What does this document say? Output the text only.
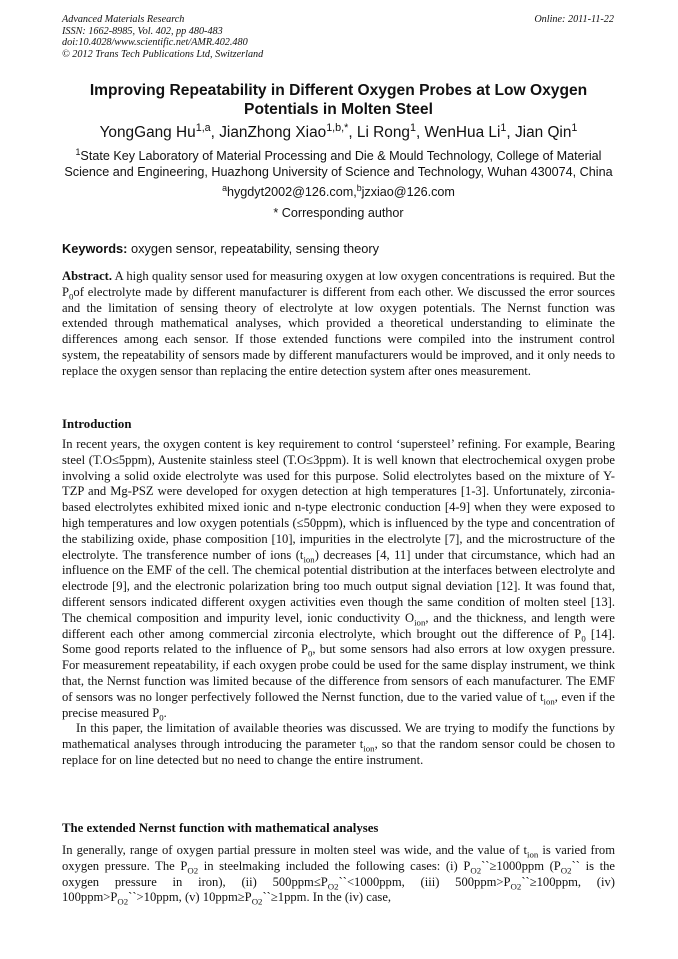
Advanced Materials Research
ISSN: 1662-8985, Vol. 402, pp 480-483
doi:10.4028/www.scientific.net/AMR.402.480
© 2012 Trans Tech Publications Ltd, Switzerland
Online: 2011-11-22
Improving Repeatability in Different Oxygen Probes at Low Oxygen Potentials in Molten Steel
YongGang Hu$^{1,a}$, JianZhong Xiao$^{1,b,*}$, Li Rong$^1$, WenHua Li$^1$, Jian Qin$^1$
$^1$State Key Laboratory of Material Processing and Die & Mould Technology, College of Material Science and Engineering, Huazhong University of Science and Technology, Wuhan 430074, China
$^a$hygdyt2002@126.com,$^b$jzxiao@126.com
* Corresponding author
Keywords: oxygen sensor, repeatability, sensing theory
Abstract. A high quality sensor used for measuring oxygen at low oxygen concentrations is required. But the $P_0of$ electrolyte made by different manufacturer is different from each other. We discussed the error sources and the limitation of sensing theory of electrolyte at low oxygen potentials. The Nernst function was extended through mathematical analyses, which provided a theoretical understanding to eliminate the differences among each sensor. If those extended functions were compiled into the instrument control system, the repeatability of sensors made by different manufacturers would be improved, and it only needs to replace the oxygen sensor than replacing the entire detection system after ones measurement.
Introduction

In recent years, the oxygen content is key requirement to control ‘supersteel’ refining. For example, Bearing steel (T.O≤5ppm), Austenite stainless steel (T.O≤3ppm). It is well known that electrochemical oxygen probe involving a solid oxide electrolyte was used for this purpose. Solid electrolytes based on the mixture of Y-TZP and Mg-PSZ were developed for oxygen detection at high temperatures [1-3]. Unfortunately, zirconia-based electrolytes exhibited mixed ionic and n-type electronic conduction [4-9] when they were exposed to high temperatures and low oxygen potentials (≤50ppm), which is influenced by the type and concentration of the stabilizing oxide, phase composition [10], impurities in the electrolyte [7], and the microstructure of the electrolyte. The transference number of ions $(t_{ion})$ decreases [4, 11] under that circumstance, which had an influence on the EMF of the cell. The chemical potential distribution at the interfaces between electrolyte and electrode [9], and the electronic polarization bring too much output signal deviation [12]. It was found that, different sensors indicated different oxygen activities even though the same condition of molten steel [13]. The chemical composition and impurity level, ionic conductivity $O_{ion}$, and the thickness, and length were different each other among commercial zirconia electrolyte, which brought out the difference of $P_0$ [14]. Some good reports related to the influence of $P_0$, but some sensors had also errors at low oxygen pressure. For measurement repeatability, if each oxygen probe could be used for the same display instrument, we think that, the Nernst function was limited because of the difference from sensors of each manufacturer. The EMF of sensors was no longer perfectively followed the Nernst function, due to the varied value of $t_{ion}$, even if the precise measured $P_0$.

In this paper, the limitation of available theories was discussed. We are trying to modify the functions by mathematical analyses through introducing the parameter $t_{ion}$, so that the random sensor could be chosen to replace for on line detected but no need to change the entire instrument.

The extended Nernst function with mathematical analyses

In generally, range of oxygen partial pressure in molten steel was wide, and the value of $t_{ion}$ is varied from oxygen pressure. The $P_{O2}$ in steelmaking included the following cases: (i) $P_{O2}``\ge 1000ppm$ ($P_{O2}``$ is the oxygen pressure in iron), (ii) $500ppm\le P_{O2}``<1000ppm$, (iii) $500ppm>P_{O2}``\ge 100ppm$, (iv) $100ppm>P_{O2}``>10ppm$, (v) $10ppm\ge P_{O2}``\ge 1ppm$. In the (iv) case,
